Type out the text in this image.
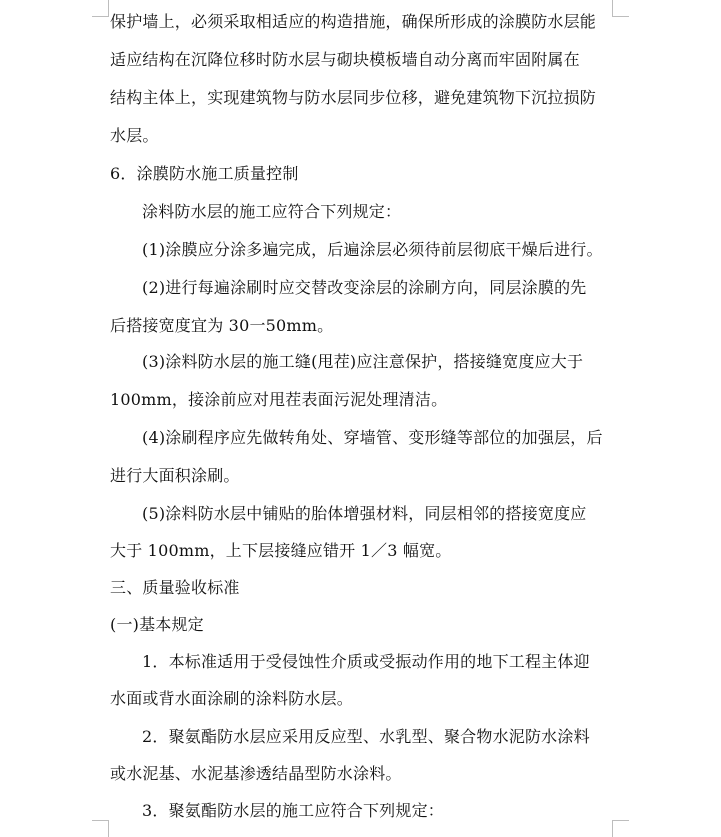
保护墙上，必须采取相适应的构造措施，确保所形成的涂膜防水层能
适应结构在沉降位移时防水层与砌块模板墙自动分离而牢固附属在
结构主体上，实现建筑物与防水层同步位移，避免建筑物下沉拉损防
水层。
6．涂膜防水施工质量控制
涂料防水层的施工应符合下列规定：
(1)涂膜应分涂多遍完成，后遍涂层必须待前层彻底干燥后进行。
(2)进行每遍涂刷时应交替改变涂层的涂刷方向，同层涂膜的先
后搭接宽度宜为 30一50mm。
(3)涂料防水层的施工缝(甩茬)应注意保护，搭接缝宽度应大于
100mm，接涂前应对甩茬表面污泥处理清洁。
(4)涂刷程序应先做转角处、穿墙管、变形缝等部位的加强层，后
进行大面积涂刷。
(5)涂料防水层中铺贴的胎体增强材料，同层相邻的搭接宽度应
大于 100mm，上下层接缝应错开 1／3 幅宽。
三、质量验收标准
(一)基本规定
1．本标准适用于受侵蚀性介质或受振动作用的地下工程主体迎
水面或背水面涂刷的涂料防水层。
2．聚氨酯防水层应采用反应型、水乳型、聚合物水泥防水涂料
或水泥基、水泥基渗透结晶型防水涂料。
3．聚氨酯防水层的施工应符合下列规定：
